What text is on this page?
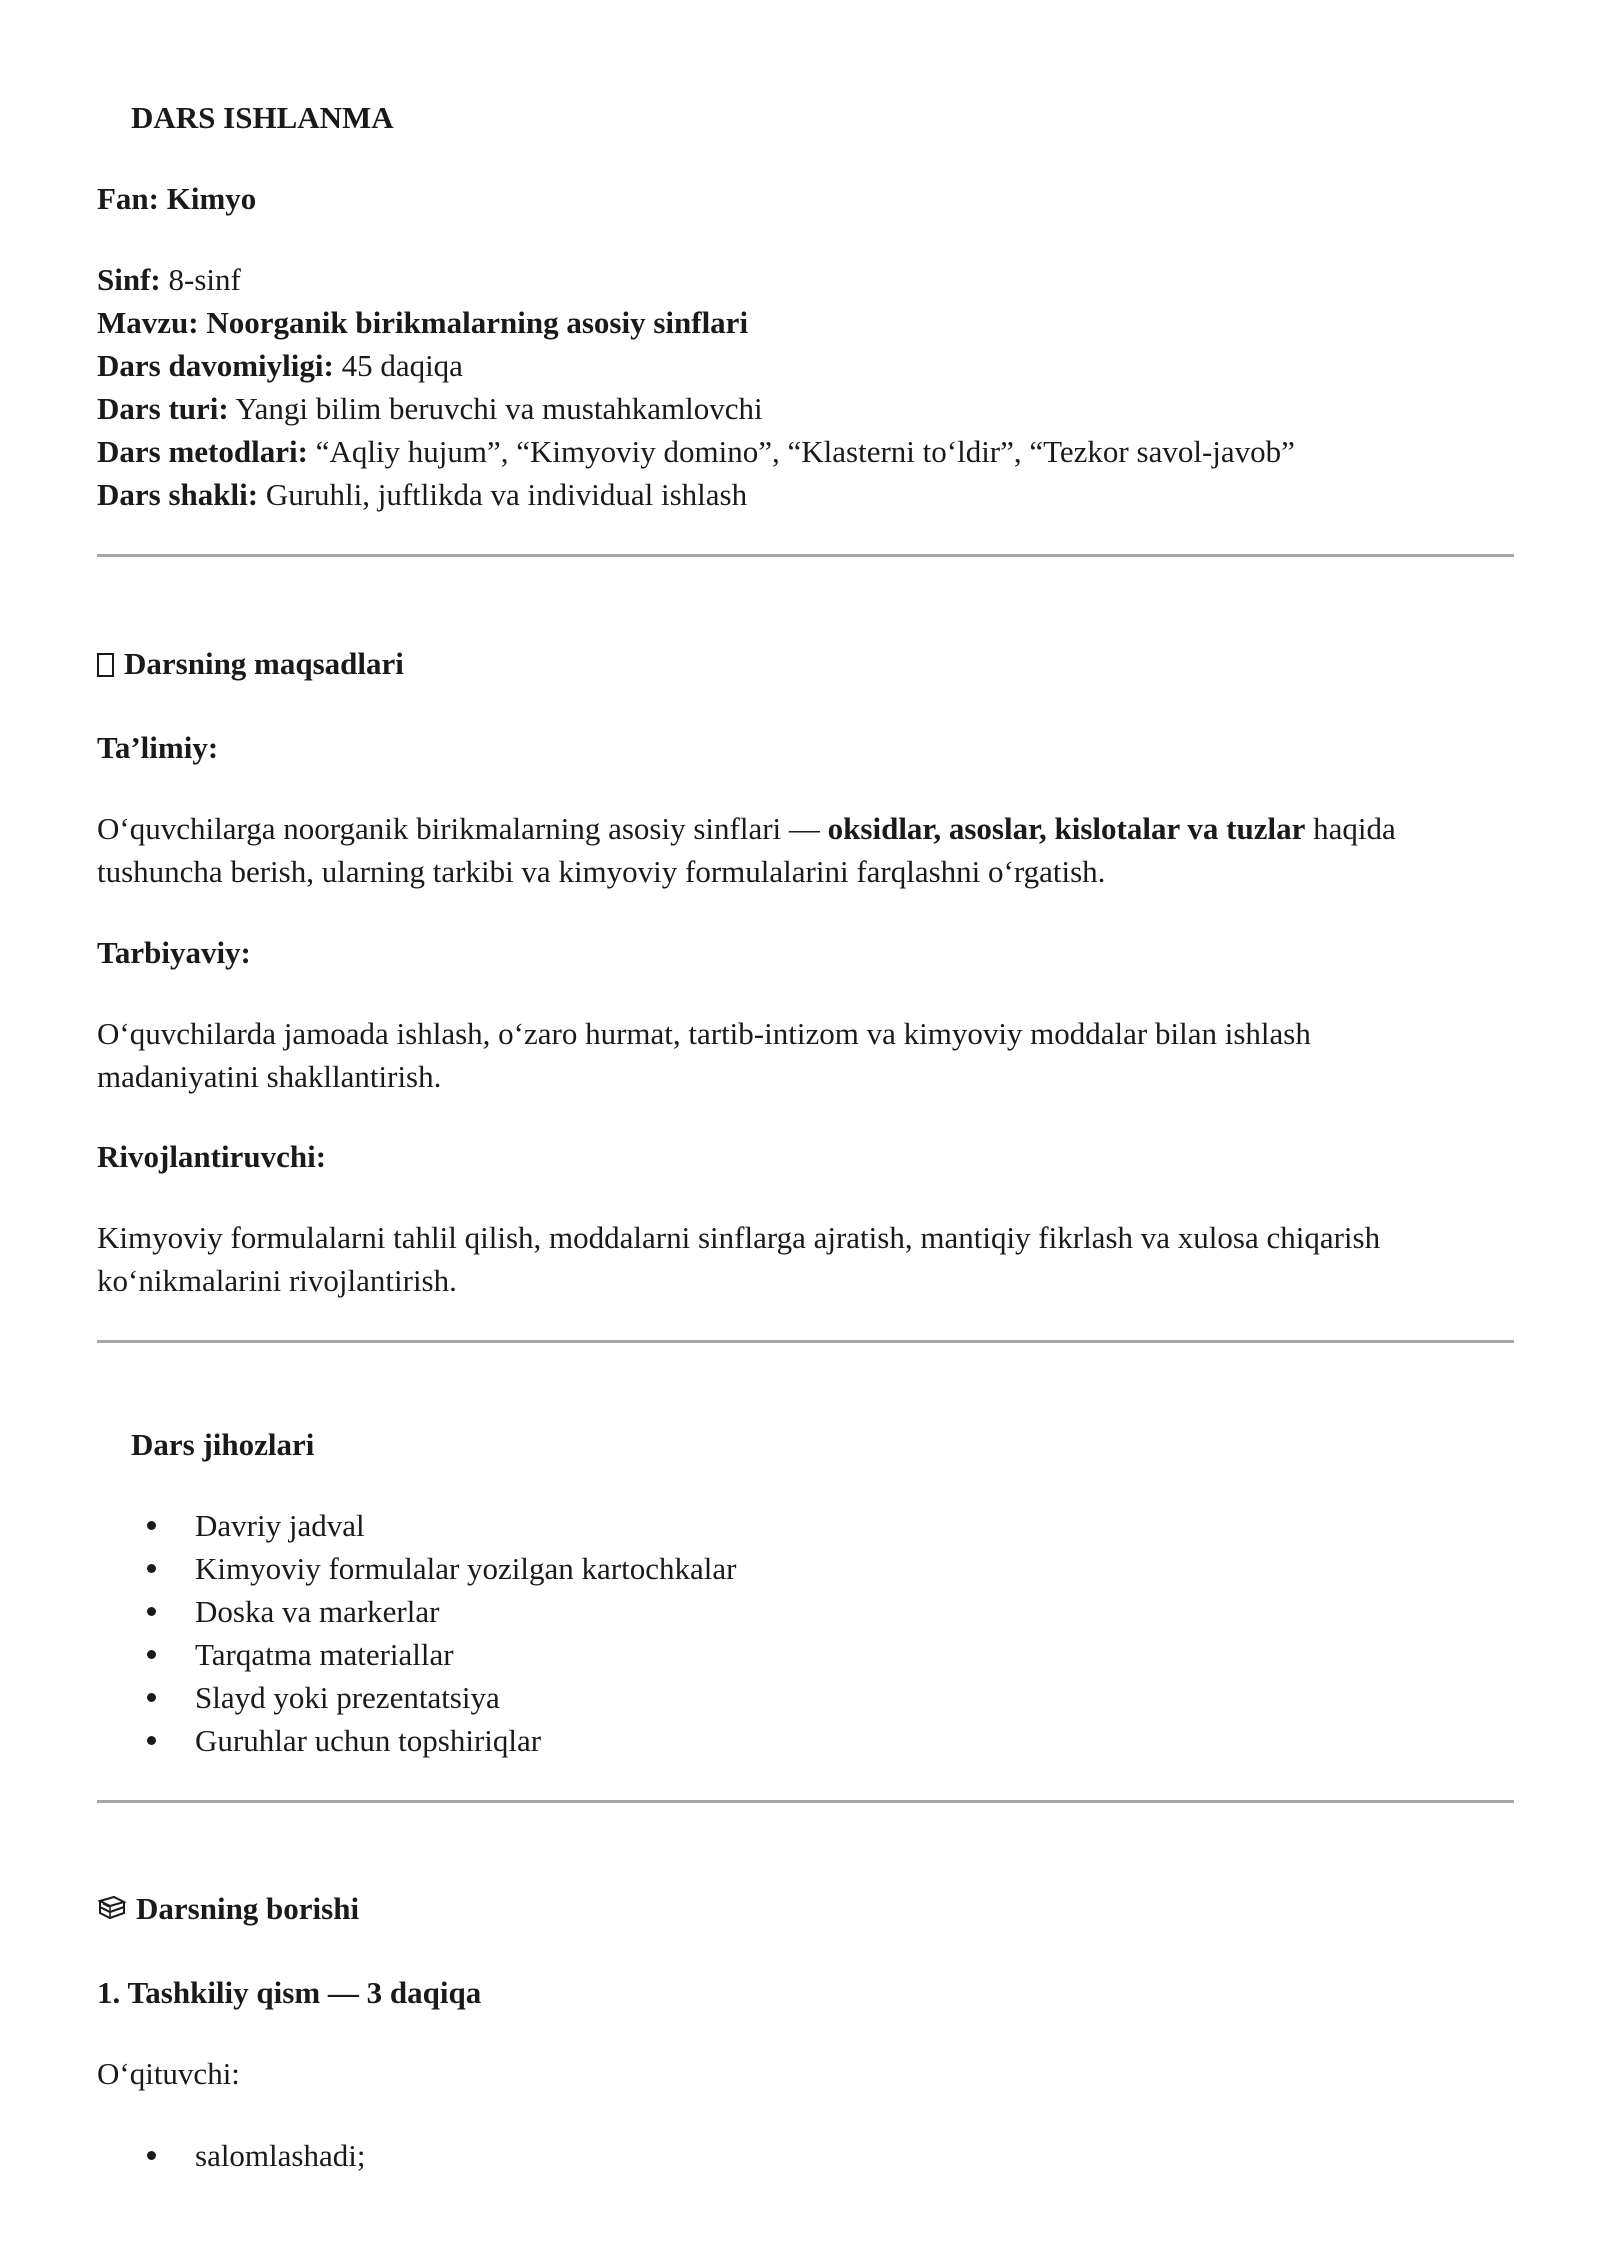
DARS ISHLANMA
Fan: Kimyo
Sinf: 8-sinf
Mavzu: Noorganik birikmalarning asosiy sinflari
Dars davomiyligi: 45 daqiqa
Dars turi: Yangi bilim beruvchi va mustahkamlovchi
Dars metodlari: “Aqliy hujum”, “Kimyoviy domino”, “Klasterni to‘ldir”, “Tezkor savol-javob”
Dars shakli: Guruhli, juftlikda va individual ishlash
Darsning maqsadlari
Ta’limiy:
O‘quvchilarga noorganik birikmalarning asosiy sinflari — oksidlar, asoslar, kislotalar va tuzlar haqida
tushuncha berish, ularning tarkibi va kimyoviy formulalarini farqlashni o‘rgatish.
Tarbiyaviy:
O‘quvchilarda jamoada ishlash, o‘zaro hurmat, tartib-intizom va kimyoviy moddalar bilan ishlash
madaniyatini shakllantirish.
Rivojlantiruvchi:
Kimyoviy formulalarni tahlil qilish, moddalarni sinflarga ajratish, mantiqiy fikrlash va xulosa chiqarish
ko‘nikmalarini rivojlantirish.
Dars jihozlari
Davriy jadval
Kimyoviy formulalar yozilgan kartochkalar
Doska va markerlar
Tarqatma materiallar
Slayd yoki prezentatsiya
Guruhlar uchun topshiriqlar
Darsning borishi
1. Tashkiliy qism — 3 daqiqa
O‘qituvchi:
salomlashadi;
